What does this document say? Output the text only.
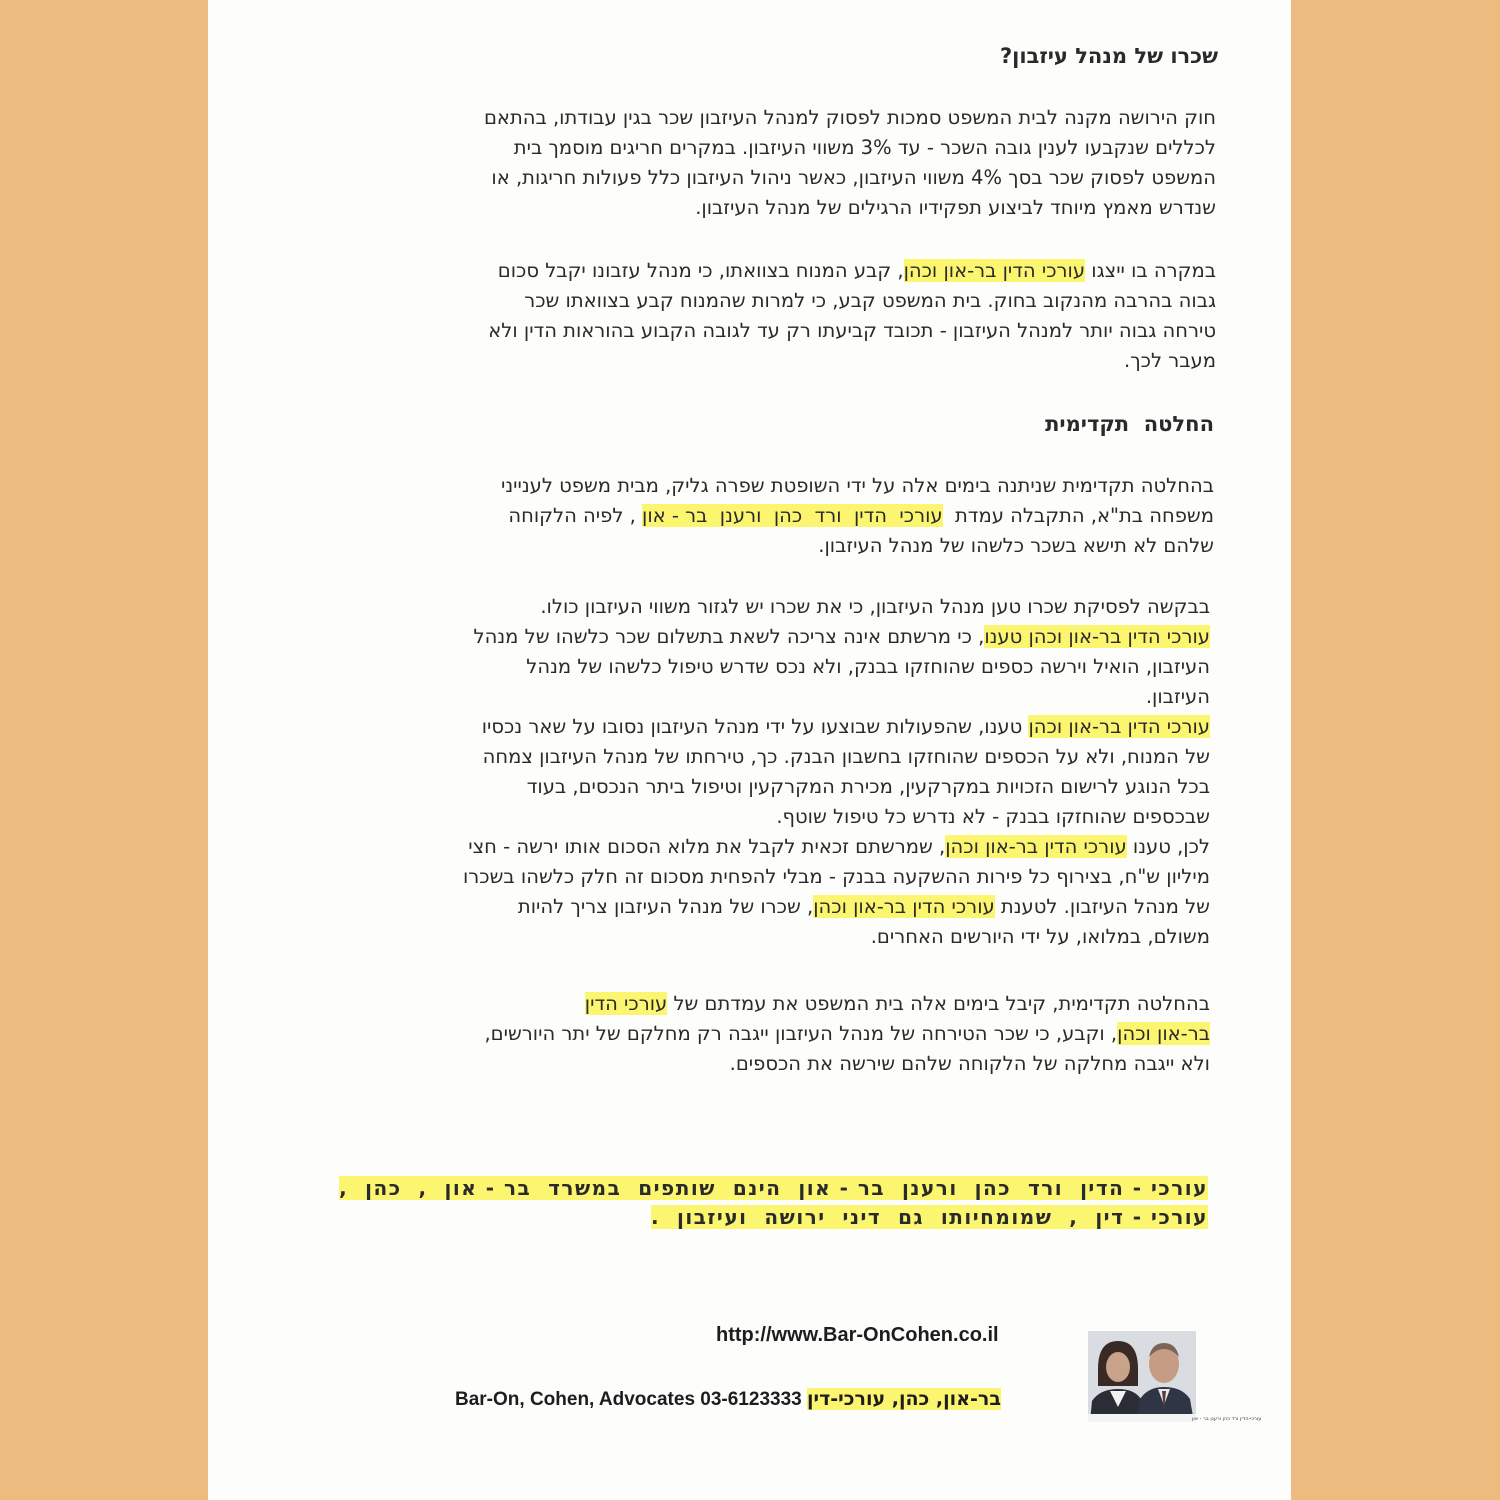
שכרו של מנהל עיזבון?
חוק הירושה מקנה לבית המשפט סמכות לפסוק למנהל העיזבון שכר בגין עבודתו, בהתאם
לכללים שנקבעו לענין גובה השכר - עד 3% משווי העיזבון. במקרים חריגים מוסמך בית
המשפט לפסוק שכר בסך 4% משווי העיזבון, כאשר ניהול העיזבון כלל פעולות חריגות, או
שנדרש מאמץ מיוחד לביצוע תפקידיו הרגילים של מנהל העיזבון.
במקרה בו ייצגו עורכי הדין בר-און וכהן, קבע המנוח בצוואתו, כי מנהל עזבונו יקבל סכום
גבוה בהרבה מהנקוב בחוק. בית המשפט קבע, כי למרות שהמנוח קבע בצוואתו שכר
טירחה גבוה יותר למנהל העיזבון - תכובד קביעתו רק עד לגובה הקבוע בהוראות הדין ולא
מעבר לכך.
החלטה  תקדימית
בהחלטה תקדימית שניתנה בימים אלה על ידי השופטת שפרה גליק, מבית משפט לענייני
משפחה בת"א, התקבלה עמדת  עורכי  הדין  ורד  כהן  ורענן  בר - און , לפיה הלקוחה
שלהם לא תישא בשכר כלשהו של מנהל העיזבון.
בבקשה לפסיקת שכרו טען מנהל העיזבון, כי את שכרו יש לגזור משווי העיזבון כולו.
עורכי הדין בר-און וכהן טענו, כי מרשתם אינה צריכה לשאת בתשלום שכר כלשהו של מנהל
העיזבון, הואיל וירשה כספים שהוחזקו בבנק, ולא נכס שדרש טיפול כלשהו של מנהל
העיזבון.
עורכי הדין בר-און וכהן טענו, שהפעולות שבוצעו על ידי מנהל העיזבון נסובו על שאר נכסיו
של המנוח, ולא על הכספים שהוחזקו בחשבון הבנק. כך, טירחתו של מנהל העיזבון צמחה
בכל הנוגע לרישום הזכויות במקרקעין, מכירת המקרקעין וטיפול ביתר הנכסים, בעוד
שבכספים שהוחזקו בבנק - לא נדרש כל טיפול שוטף.
לכן, טענו עורכי הדין בר-און וכהן, שמרשתם זכאית לקבל את מלוא הסכום אותו ירשה - חצי
מיליון ש"ח, בצירוף כל פירות ההשקעה בבנק - מבלי להפחית מסכום זה חלק כלשהו בשכרו
של מנהל העיזבון. לטענת עורכי הדין בר-און וכהן, שכרו של מנהל העיזבון צריך להיות
משולם, במלואו, על ידי היורשים האחרים.
בהחלטה תקדימית, קיבל בימים אלה בית המשפט את עמדתם של עורכי הדין
בר-און וכהן, וקבע, כי שכר הטירחה של מנהל העיזבון ייגבה רק מחלקם של יתר היורשים,
ולא ייגבה מחלקה של הלקוחה שלהם שירשה את הכספים.
עורכי - הדין  ורד  כהן  ורענן  בר - און  הינם  שותפים  במשרד  בר - און  ,  כהן  ,
עורכי - דין  ,  שמומחיותו  גם  דיני  ירושה  ועיזבון  .
http://www.Bar-OnCohen.co.il
Bar-On, Cohen, Advocates 03-6123333 בר-און, כהן, עורכי-דין
עורכי-הדין ורד כהן ורענן בר - און
